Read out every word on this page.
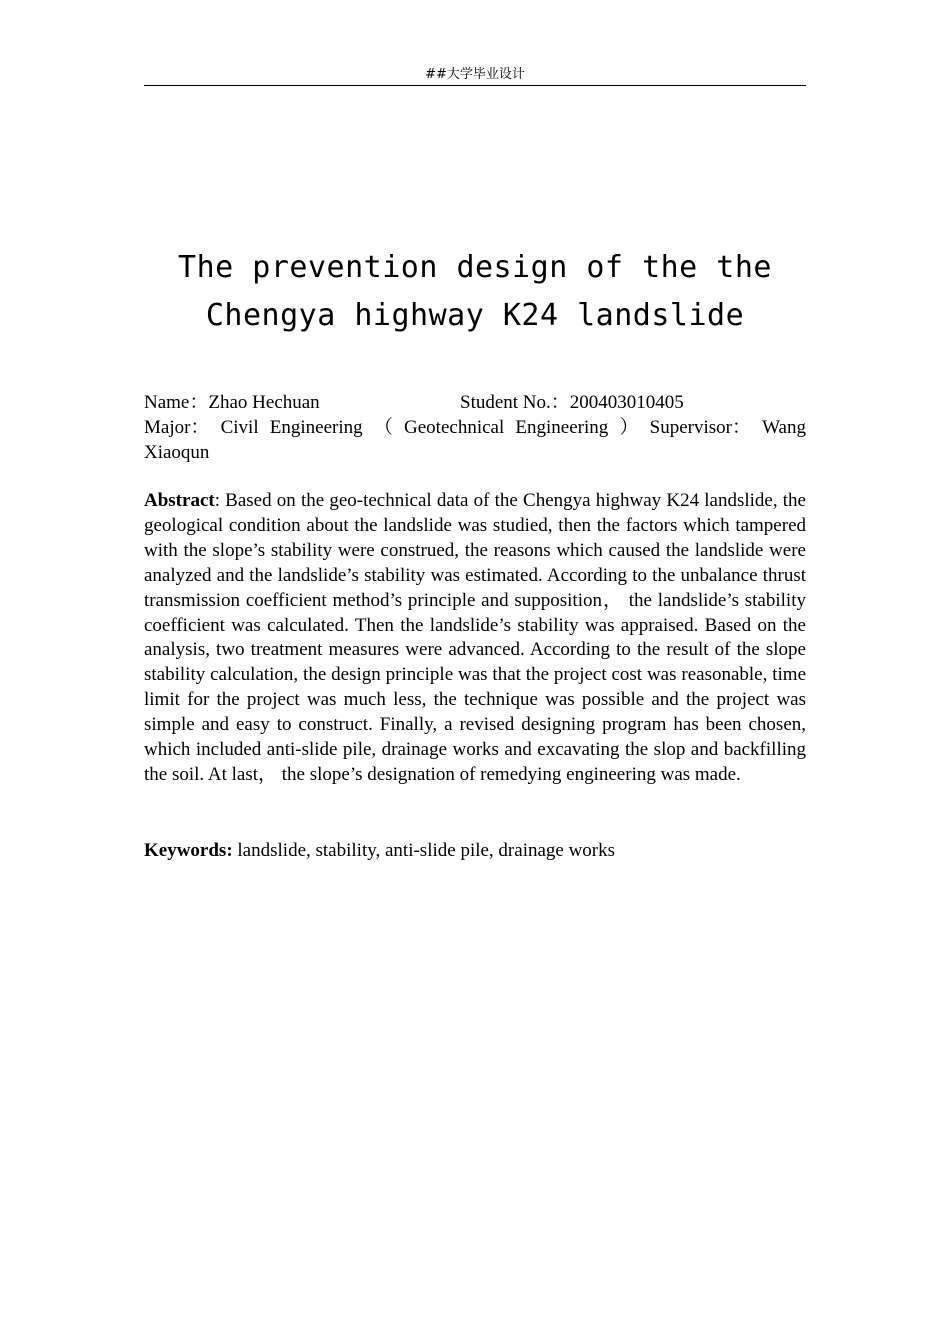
##大学毕业设计
The prevention design of the the
Chengya highway K24 landslide
Name：Zhao Hechuan	Student No.：200403010405
Major： Civil Engineering （ Geotechnical Engineering ） Supervisor： Wang
Xiaoqun
Abstract: Based on the geo-technical data of the Chengya highway K24 landslide, the geological condition about the landslide was studied, then the factors which tampered with the slope’s stability were construed, the reasons which caused the landslide were analyzed and the landslide’s stability was estimated. According to the unbalance thrust transmission coefficient method’s principle and supposition， the landslide’s stability coefficient was calculated. Then the landslide’s stability was appraised. Based on the analysis, two treatment measures were advanced. According to the result of the slope stability calculation, the design principle was that the project cost was reasonable, time limit for the project was much less, the technique was possible and the project was simple and easy to construct. Finally, a revised designing program has been chosen, which included anti-slide pile, drainage works and excavating the slop and backfilling the soil. At last， the slope’s designation of remedying engineering was made.
Keywords: landslide, stability, anti-slide pile, drainage works
